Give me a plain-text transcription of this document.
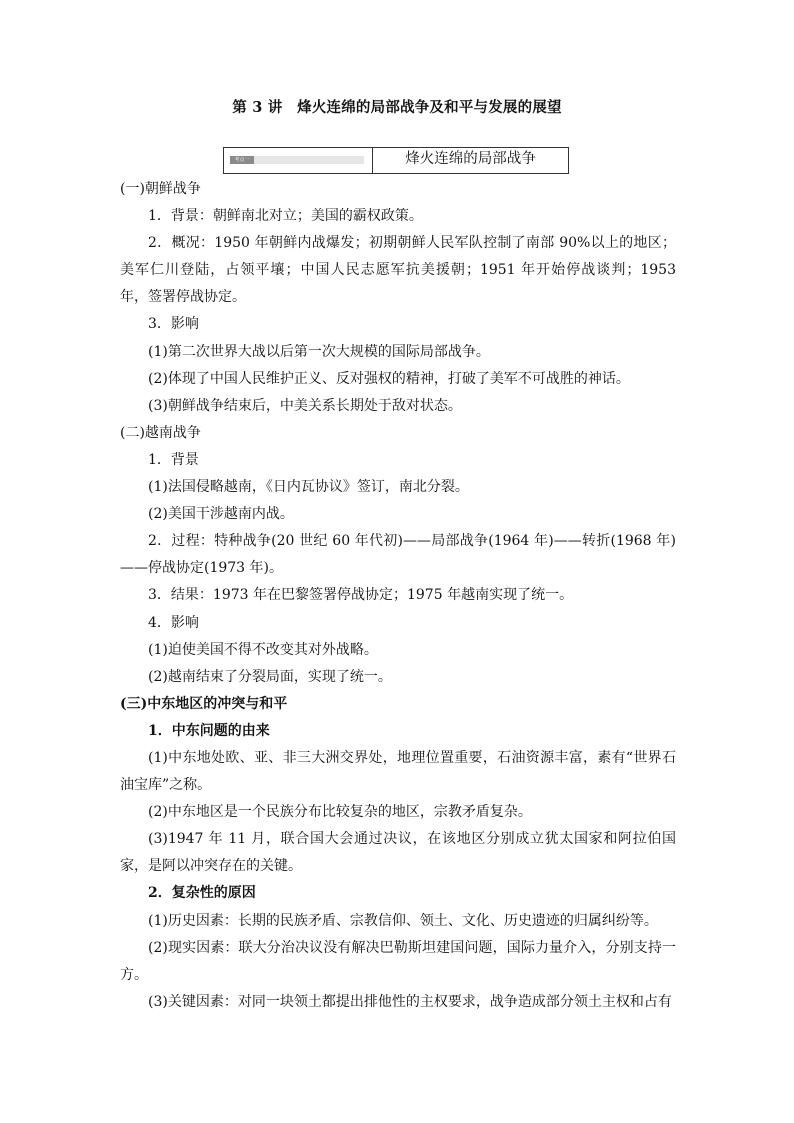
第 3 讲　烽火连绵的局部战争及和平与发展的展望
考点一	烽火连绵的局部战争

(一)朝鲜战争

1．背景：朝鲜南北对立；美国的霸权政策。

2．概况：1950 年朝鲜内战爆发；初期朝鲜人民军队控制了南部 90%以上的地区；美军仁川登陆，占领平壤；中国人民志愿军抗美援朝；1951 年开始停战谈判；1953 年，签署停战协定。

3．影响

(1)第二次世界大战以后第一次大规模的国际局部战争。

(2)体现了中国人民维护正义、反对强权的精神，打破了美军不可战胜的神话。

(3)朝鲜战争结束后，中美关系长期处于敌对状态。

(二)越南战争

1．背景

(1)法国侵略越南，《日内瓦协议》签订，南北分裂。

(2)美国干涉越南内战。

2．过程：特种战争(20 世纪 60 年代初)——局部战争(1964 年)——转折(1968 年)——停战协定(1973 年)。

3．结果：1973 年在巴黎签署停战协定；1975 年越南实现了统一。

4．影响

(1)迫使美国不得不改变其对外战略。

(2)越南结束了分裂局面，实现了统一。

(三)中东地区的冲突与和平

1．中东问题的由来

(1)中东地处欧、亚、非三大洲交界处，地理位置重要，石油资源丰富，素有“世界石油宝库”之称。

(2)中东地区是一个民族分布比较复杂的地区，宗教矛盾复杂。

(3)1947 年 11 月，联合国大会通过决议，在该地区分别成立犹太国家和阿拉伯国家，是阿以冲突存在的关键。

2．复杂性的原因

(1)历史因素：长期的民族矛盾、宗教信仰、领土、文化、历史遗迹的归属纠纷等。

(2)现实因素：联大分治决议没有解决巴勒斯坦建国问题，国际力量介入，分别支持一方。

(3)关键因素：对同一块领土都提出排他性的主权要求，战争造成部分领土主权和占有
